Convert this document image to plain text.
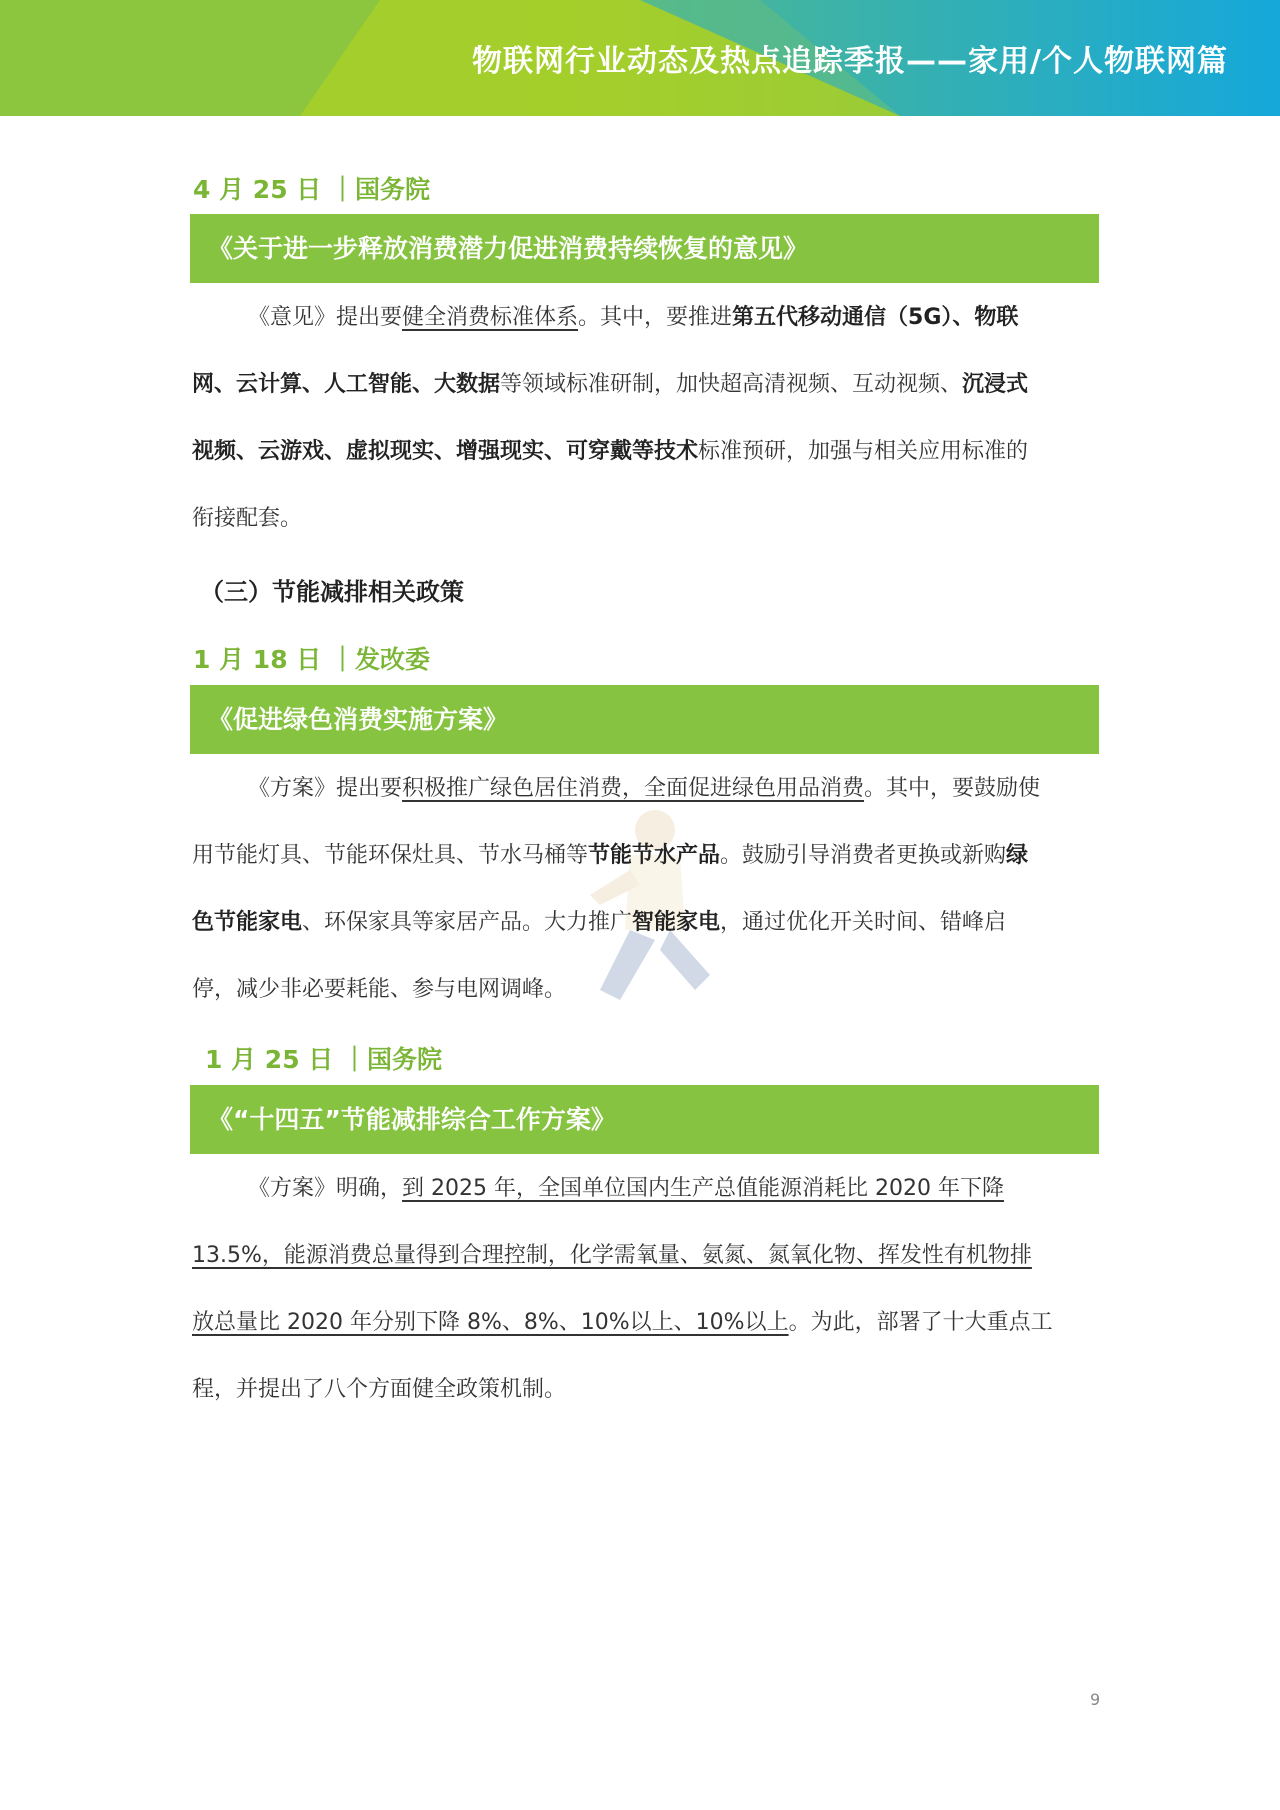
物联网行业动态及热点追踪季报——家用/个人物联网篇
4 月 25 日 ｜国务院
《关于进一步释放消费潜力促进消费持续恢复的意见》
《意见》提出要健全消费标准体系。其中，要推进第五代移动通信（5G）、物联
网、云计算、人工智能、大数据等领域标准研制，加快超高清视频、互动视频、沉浸式
视频、云游戏、虚拟现实、增强现实、可穿戴等技术标准预研，加强与相关应用标准的
衔接配套。
（三）节能减排相关政策
1 月 18 日 ｜发改委
《促进绿色消费实施方案》
《方案》提出要积极推广绿色居住消费，全面促进绿色用品消费。其中，要鼓励使
用节能灯具、节能环保灶具、节水马桶等节能节水产品。鼓励引导消费者更换或新购绿
色节能家电、环保家具等家居产品。大力推广智能家电，通过优化开关时间、错峰启
停，减少非必要耗能、参与电网调峰。
1 月 25 日 ｜国务院
《“十四五”节能减排综合工作方案》
《方案》明确，到 2025 年，全国单位国内生产总值能源消耗比 2020 年下降
13.5%，能源消费总量得到合理控制，化学需氧量、氨氮、氮氧化物、挥发性有机物排
放总量比 2020 年分别下降 8%、8%、10%以上、10%以上。为此，部署了十大重点工
程，并提出了八个方面健全政策机制。
9
